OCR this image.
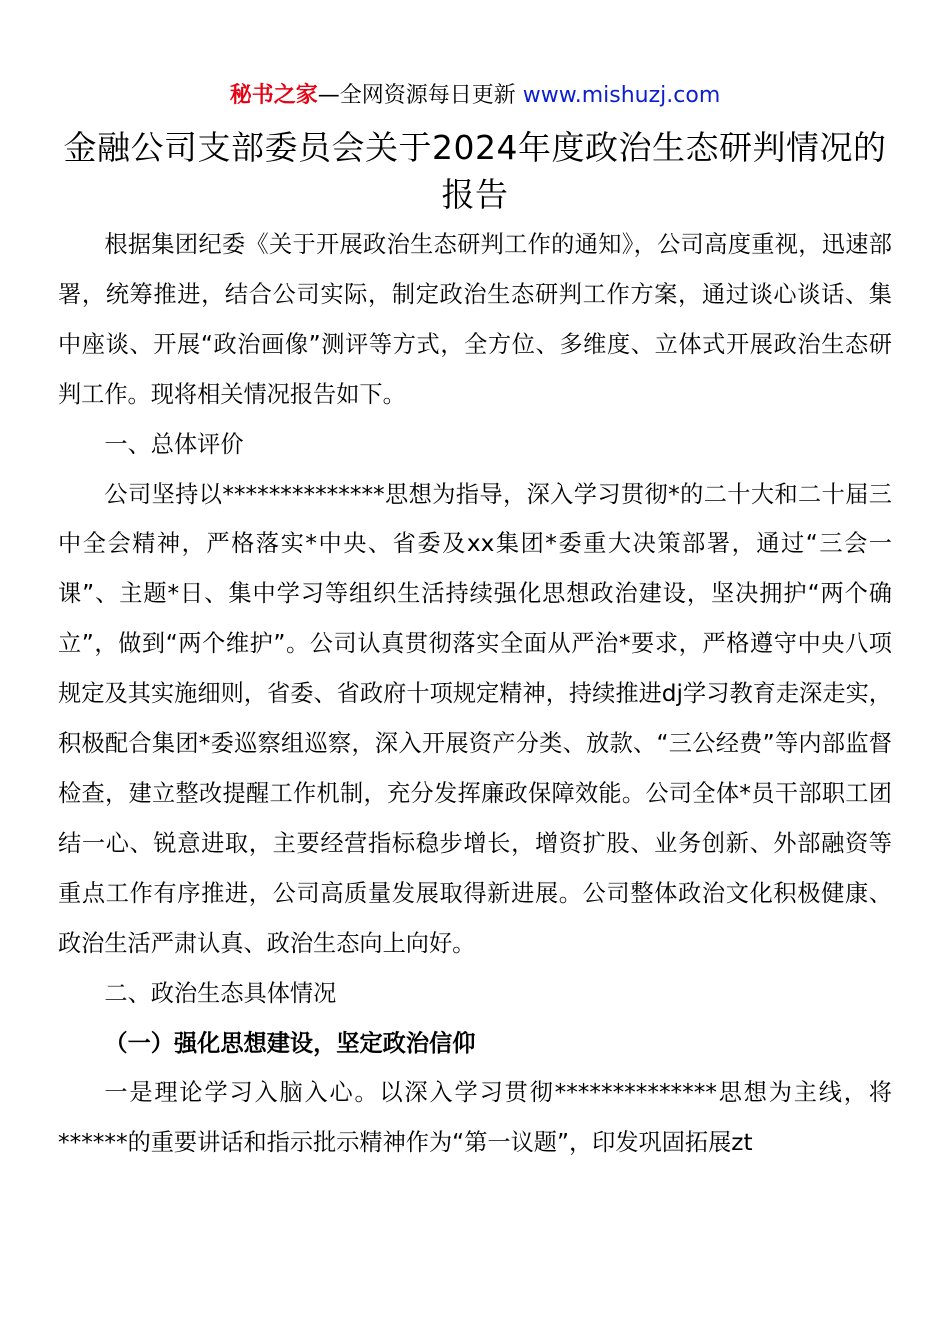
秘书之家—全网资源每日更新 www.mishuzj.com
金融公司支部委员会关于2024年度政治生态研判情况的报告

根据集团纪委《关于开展政治生态研判工作的通知》，公司高度重视，迅速部署，统筹推进，结合公司实际，制定政治生态研判工作方案，通过谈心谈话、集中座谈、开展“政治画像”测评等方式，全方位、多维度、立体式开展政治生态研判工作。现将相关情况报告如下。

一、总体评价

公司坚持以**************思想为指导，深入学习贯彻*的二十大和二十届三中全会精神，严格落实*中央、省委及xx集团*委重大决策部署，通过“三会一课”、主题*日、集中学习等组织生活持续强化思想政治建设，坚决拥护“两个确立”，做到“两个维护”。公司认真贯彻落实全面从严治*要求，严格遵守中央八项规定及其实施细则，省委、省政府十项规定精神，持续推进dj学习教育走深走实，积极配合集团*委巡察组巡察，深入开展资产分类、放款、“三公经费”等内部监督检查，建立整改提醒工作机制，充分发挥廉政保障效能。公司全体*员干部职工团结一心、锐意进取，主要经营指标稳步增长，增资扩股、业务创新、外部融资等重点工作有序推进，公司高质量发展取得新进展。公司整体政治文化积极健康、政治生活严肃认真、政治生态向上向好。

二、政治生态具体情况

（一）强化思想建设，坚定政治信仰

一是理论学习入脑入心。以深入学习贯彻**************思想为主线，将******的重要讲话和指示批示精神作为“第一议题”，印发巩固拓展zt
